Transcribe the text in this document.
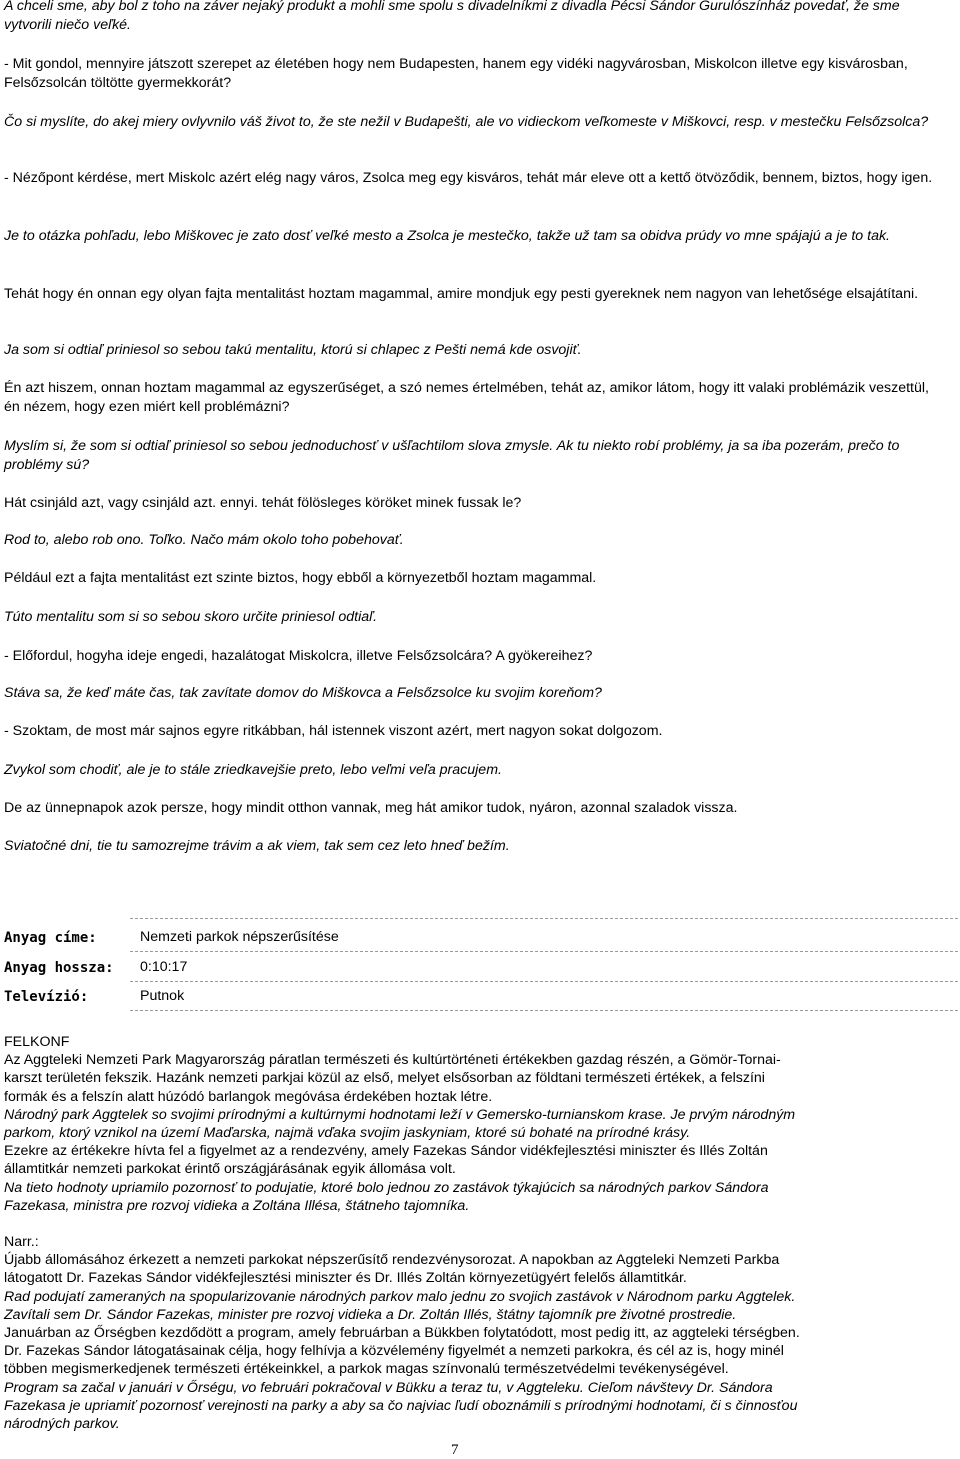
A chceli sme, aby bol z toho na záver nejaký produkt a mohli sme spolu s divadelníkmi z divadla Pécsi Sándor Gurulószínház povedať, že sme vytvorili niečo veľké.

- Mit gondol, mennyire játszott szerepet az életében hogy nem Budapesten, hanem egy vidéki nagyvárosban, Miskolcon illetve egy kisvárosban, Felsőzsolcán töltötte gyermekkorát?

Čo si myslíte, do akej miery ovlyvnilo váš život to, že ste nežil v Budapešti, ale vo vidieckom veľkomeste v Miškovci, resp. v mestečku Felsőzsolca?

- Nézőpont kérdése, mert Miskolc azért elég nagy város, Zsolca meg egy kisváros, tehát már eleve ott a kettő ötvöződik, bennem, biztos, hogy igen.

Je to otázka pohľadu, lebo Miškovec je zato dosť veľké mesto a Zsolca je mestečko, takže už tam sa obidva prúdy vo mne spájajú a je to tak.

Tehát hogy én onnan egy olyan fajta mentalitást hoztam magammal, amire mondjuk egy pesti gyereknek nem nagyon van lehetősége elsajátítani.

Ja som si odtiaľ priniesol so sebou takú mentalitu, ktorú si chlapec z Pešti nemá kde osvojiť.

Én azt hiszem, onnan hoztam magammal az egyszerűséget, a szó nemes értelmében, tehát az, amikor látom, hogy itt valaki problémázik veszettül, én nézem, hogy ezen miért kell problémázni?

Myslím si, že som si odtiaľ priniesol so sebou jednoduchosť v ušľachtilom slova zmysle. Ak tu niekto robí problémy, ja sa iba pozerám, prečo to problémy sú?

Hát csinjáld azt, vagy csinjáld azt. ennyi. tehát fölösleges köröket minek fussak le?

Rod to, alebo rob ono. Toľko. Načo mám okolo toho pobehovať.

Például ezt a fajta mentalitást ezt szinte biztos, hogy ebből a környezetből hoztam magammal.

Túto mentalitu som si so sebou skoro určite priniesol odtiaľ.

- Előfordul, hogyha ideje engedi, hazalátogat Miskolcra, illetve Felsőzsolcára? A gyökereihez?

Stáva sa, že keď máte čas, tak zavítate domov do Miškovca a Felsőzsolce ku svojim koreňom?

- Szoktam, de most már sajnos egyre ritkábban, hál istennek viszont azért, mert nagyon sokat dolgozom.

Zvykol som chodiť, ale je to stále zriedkavejšie preto, lebo veľmi veľa pracujem.

De az ünnepnapok azok persze, hogy mindit otthon vannak, meg hát amikor tudok, nyáron, azonnal szaladok vissza.

Sviatočné dni, tie tu samozrejme trávim a ak viem, tak sem cez leto hneď bežím.

Anyag címe:	Nemzeti parkok népszerűsítése
Anyag hossza: 0:10:17
Televízió:	Putnok
FELKONF
Az Aggteleki Nemzeti Park Magyarország páratlan természeti és kultúrtörténeti értékekben gazdag részén, a Gömör-Tornai-
karszt területén fekszik. Hazánk nemzeti parkjai közül az első, melyet elsősorban az földtani természeti értékek, a felszíni
formák és a felszín alatt húzódó barlangok megóvása érdekében hoztak létre.
Národný park Aggtelek so svojimi prírodnými a kultúrnymi hodnotami leží v Gemersko-turnianskom krase. Je prvým národným
parkom, ktorý vznikol na území Maďarska, najmä vďaka svojim jaskyniam, ktoré sú bohaté na prírodné krásy.
Ezekre az értékekre hívta fel a figyelmet az a rendezvény, amely Fazekas Sándor vidékfejlesztési miniszter és Illés Zoltán
államtitkár nemzeti parkokat érintő országjárásának egyik állomása volt.
Na tieto hodnoty upriamilo pozornosť to podujatie, ktoré bolo jednou zo zastávok týkajúcich sa národných parkov Sándora
Fazekasa, ministra pre rozvoj vidieka a Zoltána Illésa, štátneho tajomníka.
Narr.:
Újabb állomásához érkezett a nemzeti parkokat népszerűsítő rendezvénysorozat. A napokban az Aggteleki Nemzeti Parkba
látogatott Dr. Fazekas Sándor vidékfejlesztési miniszter és Dr. Illés Zoltán környezetügyért felelős államtitkár.
Rad podujatí zameraných na spopularizovanie národných parkov malo jednu zo svojich zastávok v Národnom parku Aggtelek.
Zavítali sem Dr. Sándor Fazekas, minister pre rozvoj vidieka a Dr. Zoltán Illés, štátny tajomník pre životné prostredie.
Januárban az Őrségben kezdődött a program, amely februárban a Bükkben folytatódott, most pedig itt, az aggteleki térségben.
Dr. Fazekas Sándor látogatásainak célja, hogy felhívja a közvélemény figyelmét a nemzeti parkokra, és cél az is, hogy minél
többen megismerkedjenek természeti értékeinkkel, a parkok magas színvonalú természetvédelmi tevékenységével.
Program sa začal v januári v Őrségu, vo februári pokračoval v Bükku a teraz tu, v Aggteleku. Cieľom návštevy Dr. Sándora
Fazekasa je upriamiť pozornosť verejnosti na parky a aby sa čo najviac ľudí oboznámili s prírodnými hodnotami, či s činnosťou
národných parkov.
7
